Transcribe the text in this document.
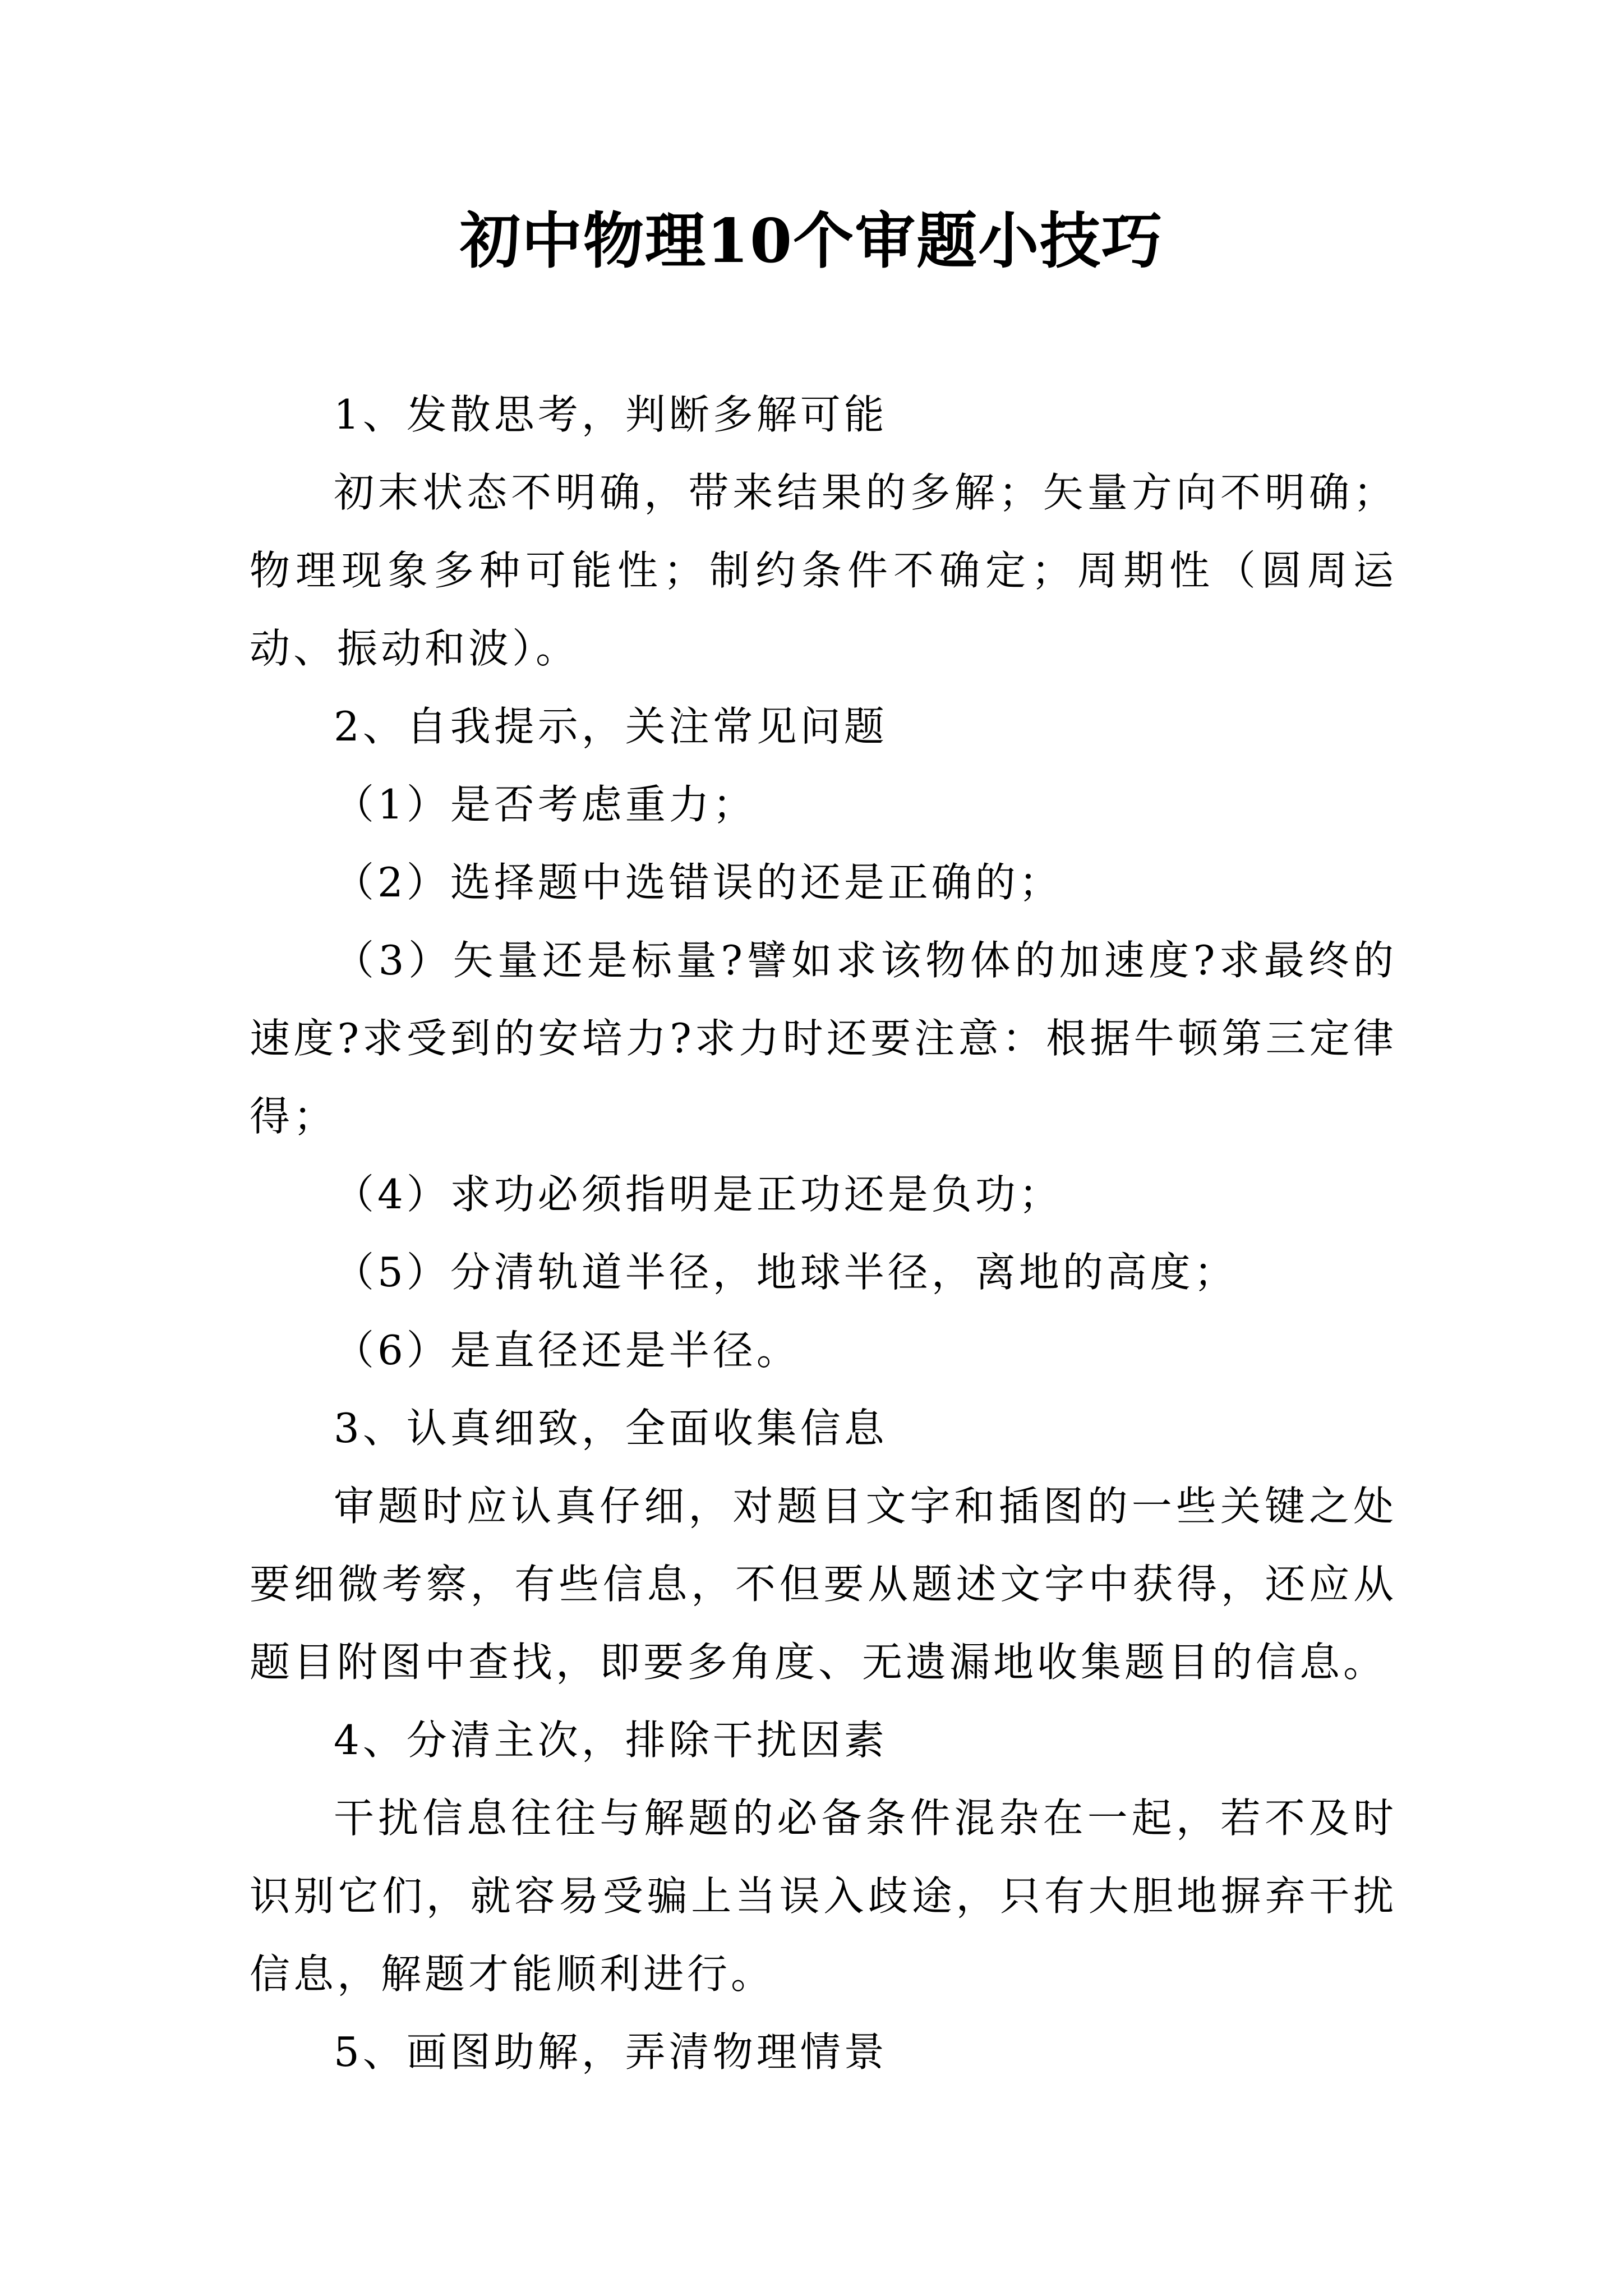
初中物理10个审题小技巧

1、发散思考，判断多解可能

初末状态不明确，带来结果的多解；矢量方向不明确；物理现象多种可能性；制约条件不确定；周期性（圆周运动、振动和波）。

2、自我提示，关注常见问题

（1）是否考虑重力；

（2）选择题中选错误的还是正确的；

（3）矢量还是标量?譬如求该物体的加速度?求最终的速度?求受到的安培力?求力时还要注意：根据牛顿第三定律得；

（4）求功必须指明是正功还是负功；

（5）分清轨道半径，地球半径，离地的高度；

（6）是直径还是半径。

3、认真细致，全面收集信息

审题时应认真仔细，对题目文字和插图的一些关键之处要细微考察，有些信息，不但要从题述文字中获得，还应从题目附图中查找，即要多角度、无遗漏地收集题目的信息。

4、分清主次，排除干扰因素

干扰信息往往与解题的必备条件混杂在一起，若不及时识别它们，就容易受骗上当误入歧途，只有大胆地摒弃干扰信息，解题才能顺利进行。

5、画图助解，弄清物理情景
